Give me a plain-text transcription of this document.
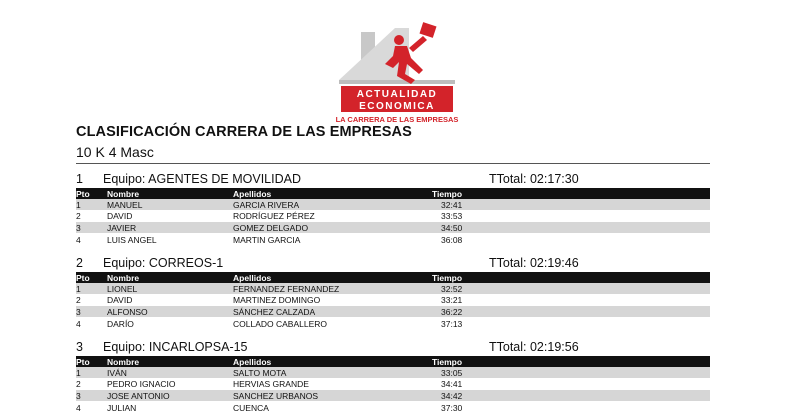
ACTUALIDAD
ECONOMICA
LA CARRERA DE LAS EMPRESAS
CLASIFICACIÓN CARRERA DE LAS EMPRESAS
10 K 4 Masc
1 Equipo: AGENTES DE MOVILIDAD	TTotal: 02:17:30
Pto Nombre	Apellidos	Tiempo
1	MANUEL	GARCIA RIVERA	32:41
2	DAVID	RODRÍGUEZ PÉREZ	33:53
3	JAVIER	GOMEZ DELGADO	34:50
4	LUIS ANGEL	MARTIN GARCIA	36:08
2 Equipo: CORREOS-1	TTotal: 02:19:46
Pto Nombre	Apellidos	Tiempo
1	LIONEL	FERNANDEZ FERNANDEZ	32:52
2	DAVID	MARTINEZ DOMINGO	33:21
3	ALFONSO	SÁNCHEZ CALZADA	36:22
4	DARÍO	COLLADO CABALLERO	37:13
3 Equipo: INCARLOPSA-15	TTotal: 02:19:56
Pto Nombre	Apellidos	Tiempo
1	IVÁN	SALTO MOTA	33:05
2	PEDRO IGNACIO	HERVIAS GRANDE	34:41
3	JOSE ANTONIO	SANCHEZ URBANOS	34:42
4	JULIAN	CUENCA	37:30
